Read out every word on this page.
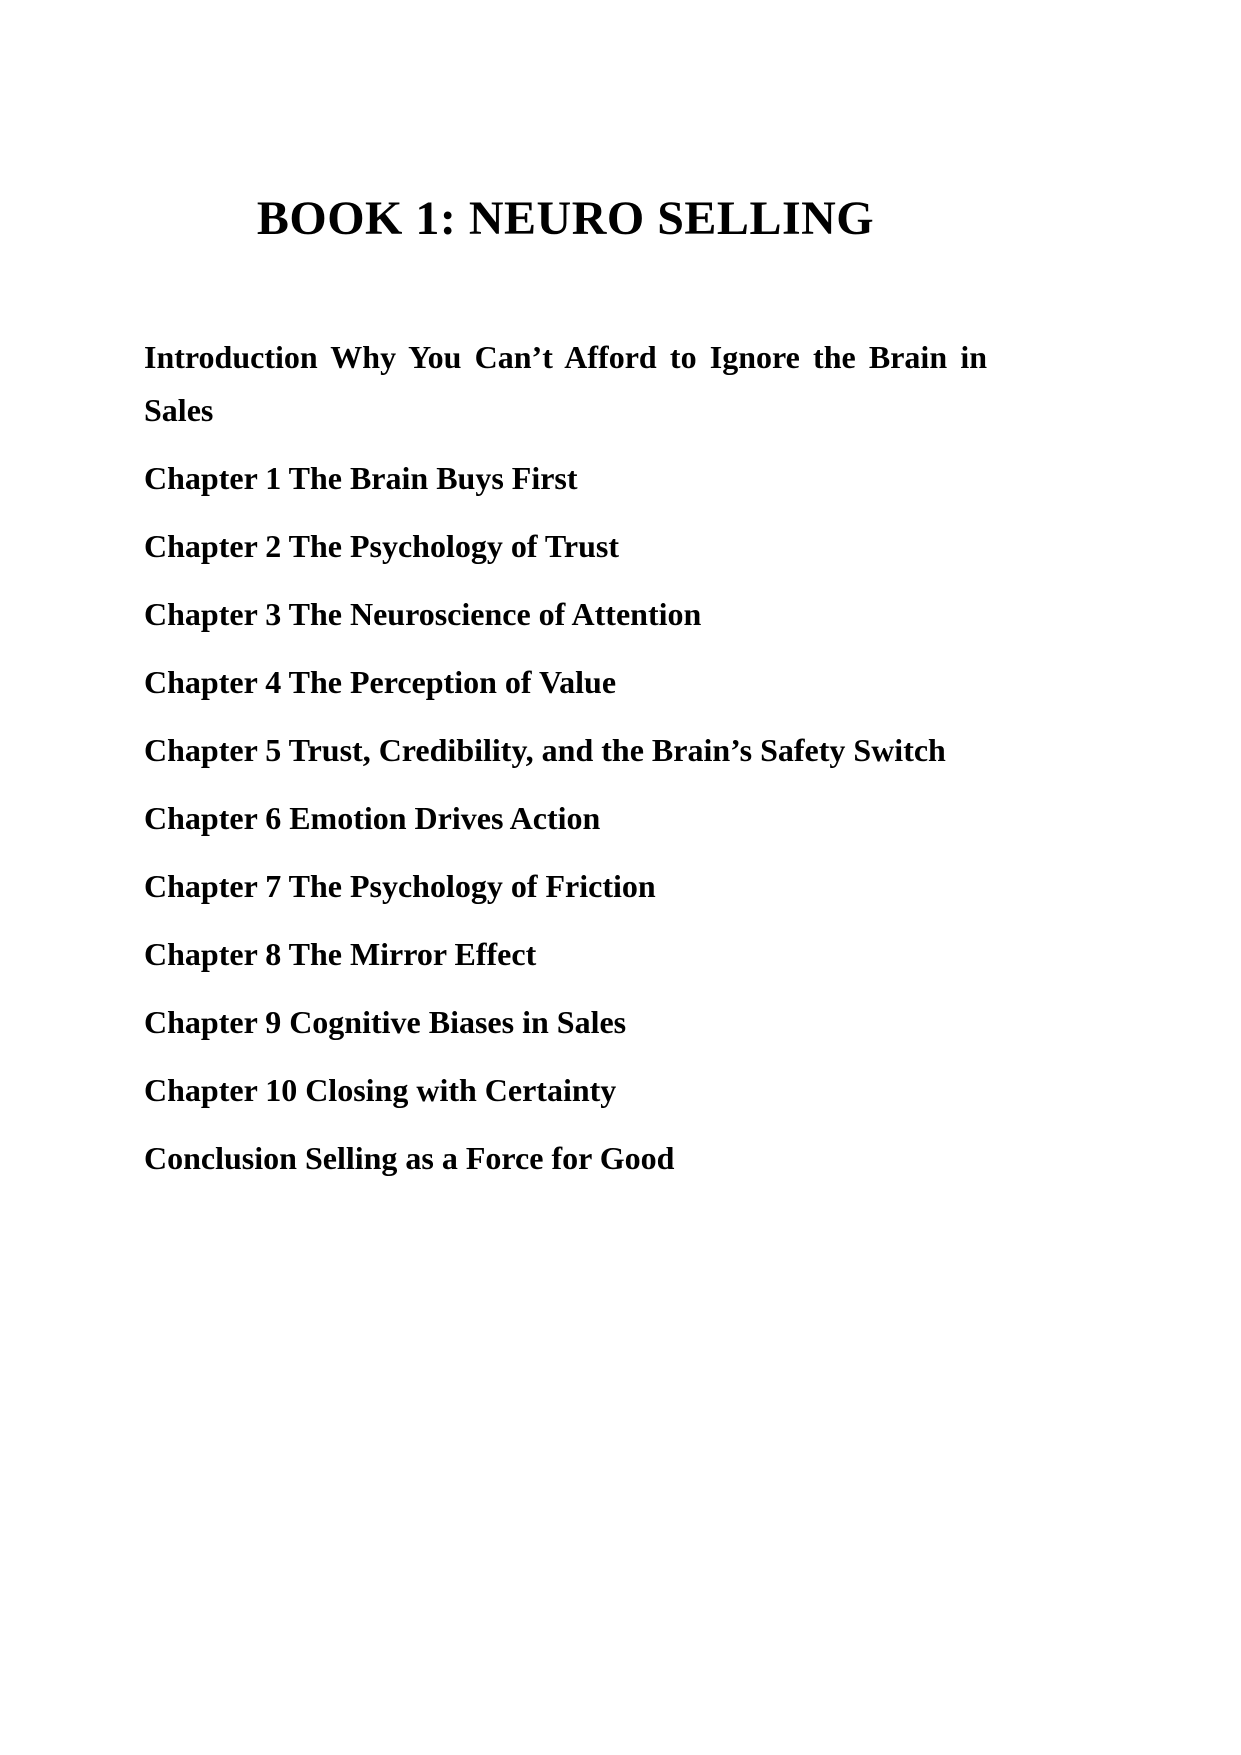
BOOK 1: NEURO SELLING

Introduction Why You Can’t Afford to Ignore the Brain in Sales

Chapter 1 The Brain Buys First

Chapter 2 The Psychology of Trust

Chapter 3 The Neuroscience of Attention

Chapter 4 The Perception of Value

Chapter 5 Trust, Credibility, and the Brain’s Safety Switch

Chapter 6 Emotion Drives Action

Chapter 7 The Psychology of Friction

Chapter 8 The Mirror Effect

Chapter 9 Cognitive Biases in Sales

Chapter 10 Closing with Certainty

Conclusion Selling as a Force for Good
